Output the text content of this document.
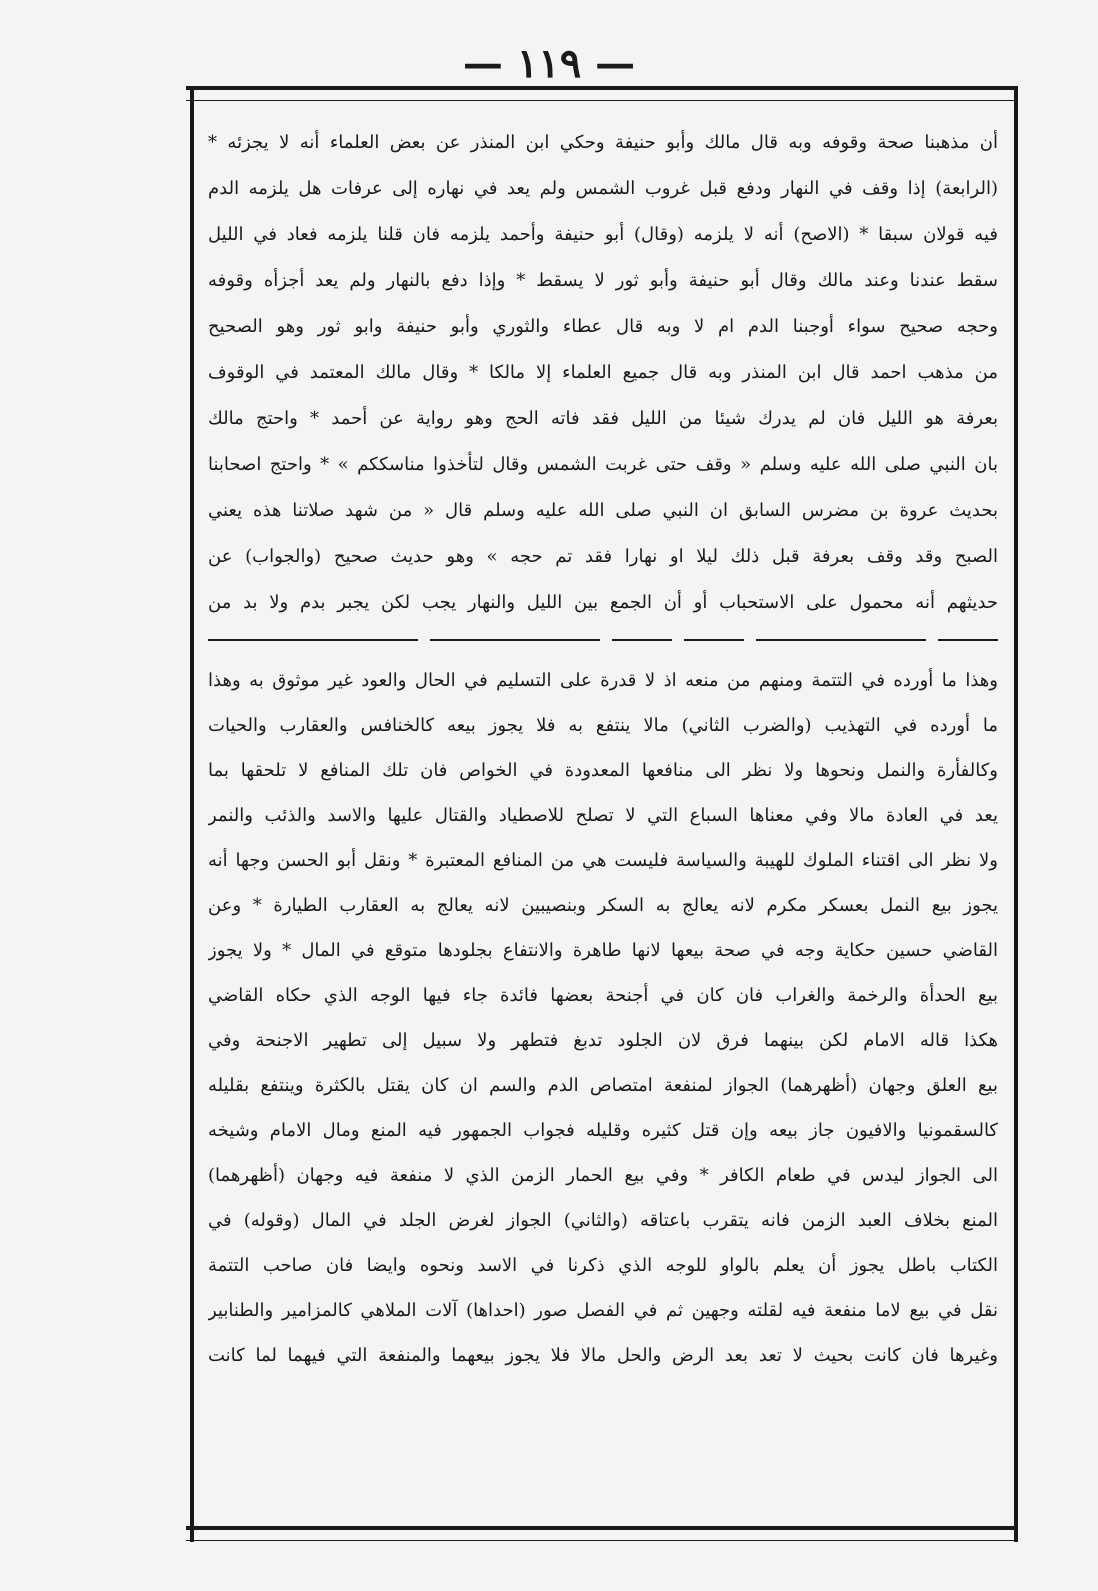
— ١١٩ —
أن مذهبنا صحة وقوفه وبه قال مالك وأبو حنيفة وحكي ابن المنذر عن بعض العلماء أنه لا يجزئه *
(الرابعة) إذا وقف في النهار ودفع قبل غروب الشمس ولم يعد في نهاره إلى عرفات هل يلزمه الدم
فيه قولان سبقا * (الاصح) أنه لا يلزمه (وقال) أبو حنيفة وأحمد يلزمه فان قلنا يلزمه فعاد في الليل
سقط عندنا وعند مالك وقال أبو حنيفة وأبو ثور لا يسقط * وإذا دفع بالنهار ولم يعد أجزأه وقوفه
وحجه صحيح سواء أوجبنا الدم ام لا وبه قال عطاء والثوري وأبو حنيفة وابو ثور وهو الصحيح
من مذهب احمد قال ابن المنذر وبه قال جميع العلماء إلا مالكا * وقال مالك المعتمد في الوقوف
بعرفة هو الليل فان لم يدرك شيئا من الليل فقد فاته الحج وهو رواية عن أحمد * واحتج مالك
بان النبي صلى الله عليه وسلم « وقف حتى غربت الشمس وقال لتأخذوا مناسككم » * واحتج اصحابنا
بحديث عروة بن مضرس السابق ان النبي صلى الله عليه وسلم قال « من شهد صلاتنا هذه يعني
الصبح وقد وقف بعرفة قبل ذلك ليلا او نهارا فقد تم حجه » وهو حديث صحيح (والجواب) عن
حديثهم أنه محمول على الاستحباب أو أن الجمع بين الليل والنهار يجب لكن يجبر بدم ولا بد من
وهذا ما أورده في التتمة ومنهم من منعه اذ لا قدرة على التسليم في الحال والعود غير موثوق به وهذا
ما أورده في التهذيب (والضرب الثاني) مالا ينتفع به فلا يجوز بيعه كالخنافس والعقارب والحيات
وكالفأرة والنمل ونحوها ولا نظر الى منافعها المعدودة في الخواص فان تلك المنافع لا تلحقها بما
يعد في العادة مالا وفي معناها السباع التي لا تصلح للاصطياد والقتال عليها والاسد والذئب والنمر
ولا نظر الى اقتناء الملوك للهيبة والسياسة فليست هي من المنافع المعتبرة * ونقل أبو الحسن وجها أنه
يجوز بيع النمل بعسكر مكرم لانه يعالج به السكر وبنصيبين لانه يعالج به العقارب الطيارة * وعن
القاضي حسين حكاية وجه في صحة بيعها لانها طاهرة والانتفاع بجلودها متوقع في المال * ولا يجوز
بيع الحدأة والرخمة والغراب فان كان في أجنحة بعضها فائدة جاء فيها الوجه الذي حكاه القاضي
هكذا قاله الامام لكن بينهما فرق لان الجلود تدبغ فتطهر ولا سبيل إلى تطهير الاجنحة وفي
بيع العلق وجهان (أظهرهما) الجواز لمنفعة امتصاص الدم والسم ان كان يقتل بالكثرة وينتفع بقليله
كالسقمونيا والافيون جاز بيعه وإن قتل كثيره وقليله فجواب الجمهور فيه المنع ومال الامام وشيخه
الى الجواز ليدس في طعام الكافر * وفي بيع الحمار الزمن الذي لا منفعة فيه وجهان (أظهرهما)
المنع بخلاف العبد الزمن فانه يتقرب باعتاقه (والثاني) الجواز لغرض الجلد في المال (وقوله) في
الكتاب باطل يجوز أن يعلم بالواو للوجه الذي ذكرنا في الاسد ونحوه وايضا فان صاحب التتمة
نقل في بيع لاما منفعة فيه لقلته وجهين ثم في الفصل صور (احداها) آلات الملاهي كالمزامير والطنابير
وغيرها فان كانت بحيث لا تعد بعد الرض والحل مالا فلا يجوز بيعهما والمنفعة التي فيهما لما كانت
